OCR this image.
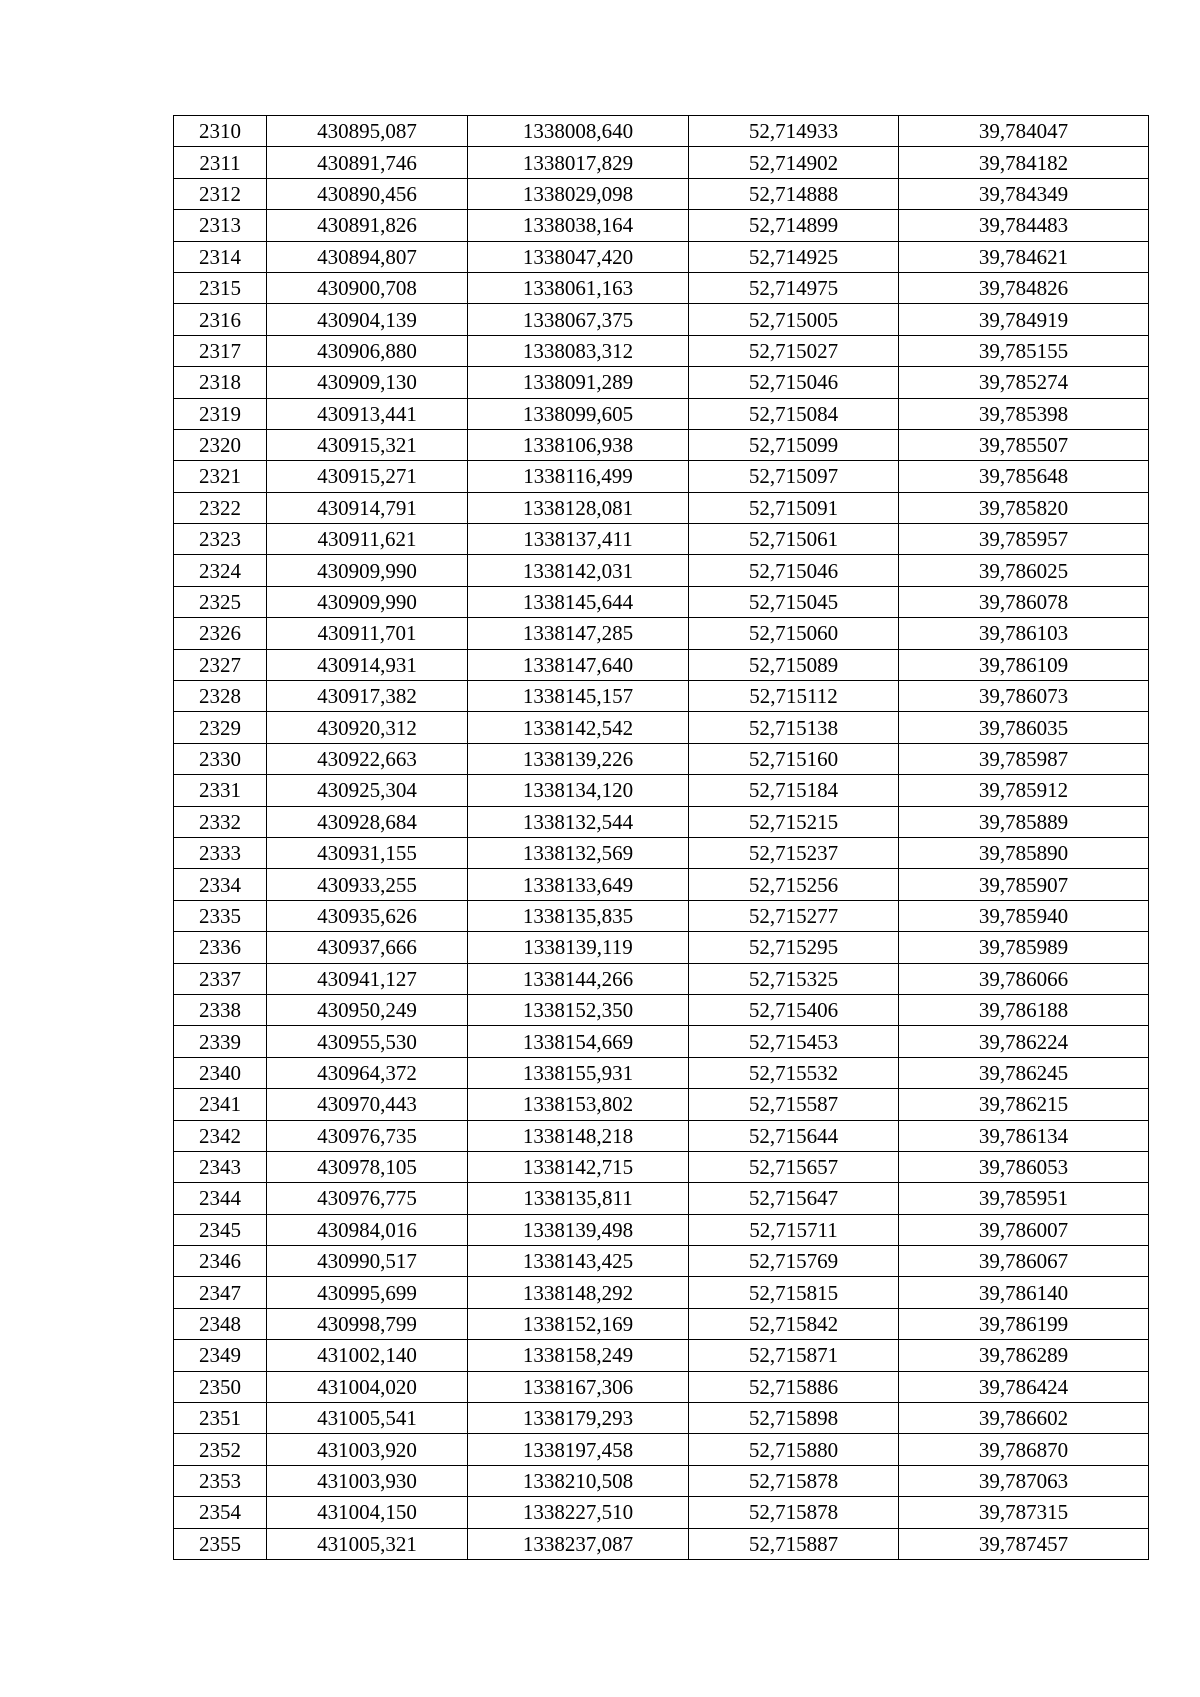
2310	430895,087	1338008,640	52,714933	39,784047
2311	430891,746	1338017,829	52,714902	39,784182
2312	430890,456	1338029,098	52,714888	39,784349
2313	430891,826	1338038,164	52,714899	39,784483
2314	430894,807	1338047,420	52,714925	39,784621
2315	430900,708	1338061,163	52,714975	39,784826
2316	430904,139	1338067,375	52,715005	39,784919
2317	430906,880	1338083,312	52,715027	39,785155
2318	430909,130	1338091,289	52,715046	39,785274
2319	430913,441	1338099,605	52,715084	39,785398
2320	430915,321	1338106,938	52,715099	39,785507
2321	430915,271	1338116,499	52,715097	39,785648
2322	430914,791	1338128,081	52,715091	39,785820
2323	430911,621	1338137,411	52,715061	39,785957
2324	430909,990	1338142,031	52,715046	39,786025
2325	430909,990	1338145,644	52,715045	39,786078
2326	430911,701	1338147,285	52,715060	39,786103
2327	430914,931	1338147,640	52,715089	39,786109
2328	430917,382	1338145,157	52,715112	39,786073
2329	430920,312	1338142,542	52,715138	39,786035
2330	430922,663	1338139,226	52,715160	39,785987
2331	430925,304	1338134,120	52,715184	39,785912
2332	430928,684	1338132,544	52,715215	39,785889
2333	430931,155	1338132,569	52,715237	39,785890
2334	430933,255	1338133,649	52,715256	39,785907
2335	430935,626	1338135,835	52,715277	39,785940
2336	430937,666	1338139,119	52,715295	39,785989
2337	430941,127	1338144,266	52,715325	39,786066
2338	430950,249	1338152,350	52,715406	39,786188
2339	430955,530	1338154,669	52,715453	39,786224
2340	430964,372	1338155,931	52,715532	39,786245
2341	430970,443	1338153,802	52,715587	39,786215
2342	430976,735	1338148,218	52,715644	39,786134
2343	430978,105	1338142,715	52,715657	39,786053
2344	430976,775	1338135,811	52,715647	39,785951
2345	430984,016	1338139,498	52,715711	39,786007
2346	430990,517	1338143,425	52,715769	39,786067
2347	430995,699	1338148,292	52,715815	39,786140
2348	430998,799	1338152,169	52,715842	39,786199
2349	431002,140	1338158,249	52,715871	39,786289
2350	431004,020	1338167,306	52,715886	39,786424
2351	431005,541	1338179,293	52,715898	39,786602
2352	431003,920	1338197,458	52,715880	39,786870
2353	431003,930	1338210,508	52,715878	39,787063
2354	431004,150	1338227,510	52,715878	39,787315
2355	431005,321	1338237,087	52,715887	39,787457
